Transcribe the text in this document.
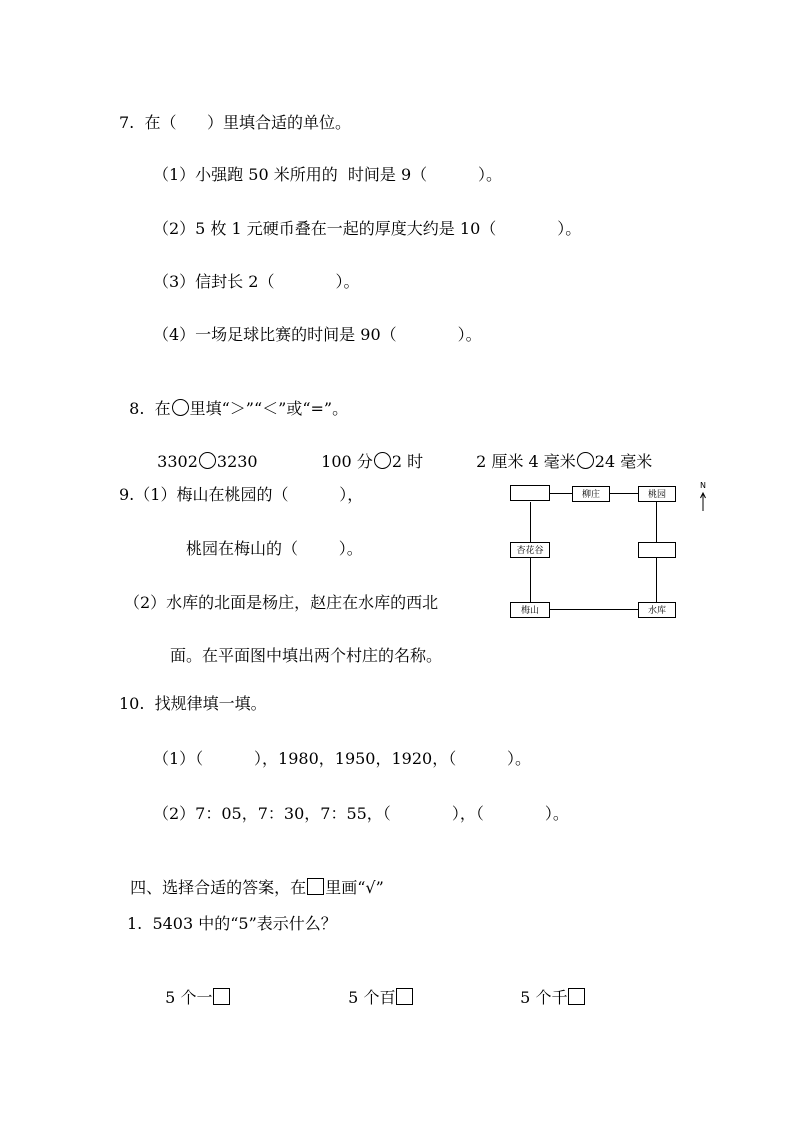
7.  在（      ）里填合适的单位。
（1）小强跑 50 米所用的  时间是 9（          ）。
（2）5 枚 1 元硬币叠在一起的厚度大约是 10（            ）。
（3）信封长 2（            ）。
（4）一场足球比赛的时间是 90（            ）。

8.  在 里填“＞”“＜”或“=”。

3302 3230	100 分 2 时	2 厘米 4 毫米 24 毫米

9.（1）梅山在桃园的（          ），
桃园在梅山的（        ）。
（2）水库的北面是杨庄，赵庄在水库的西北
面。在平面图中填出两个村庄的名称。
柳庄	桃园
杏花谷
梅山	水库
N
10.  找规律填一填。
（1）（          ），1980，1950，1920，（          ）。
（2）7：05，7：30，7：55，（            ），（            ）。

四、选择合适的答案，在 里画“√”

1.  5403 中的“5”表示什么？

5 个一	5 个百	5 个千
